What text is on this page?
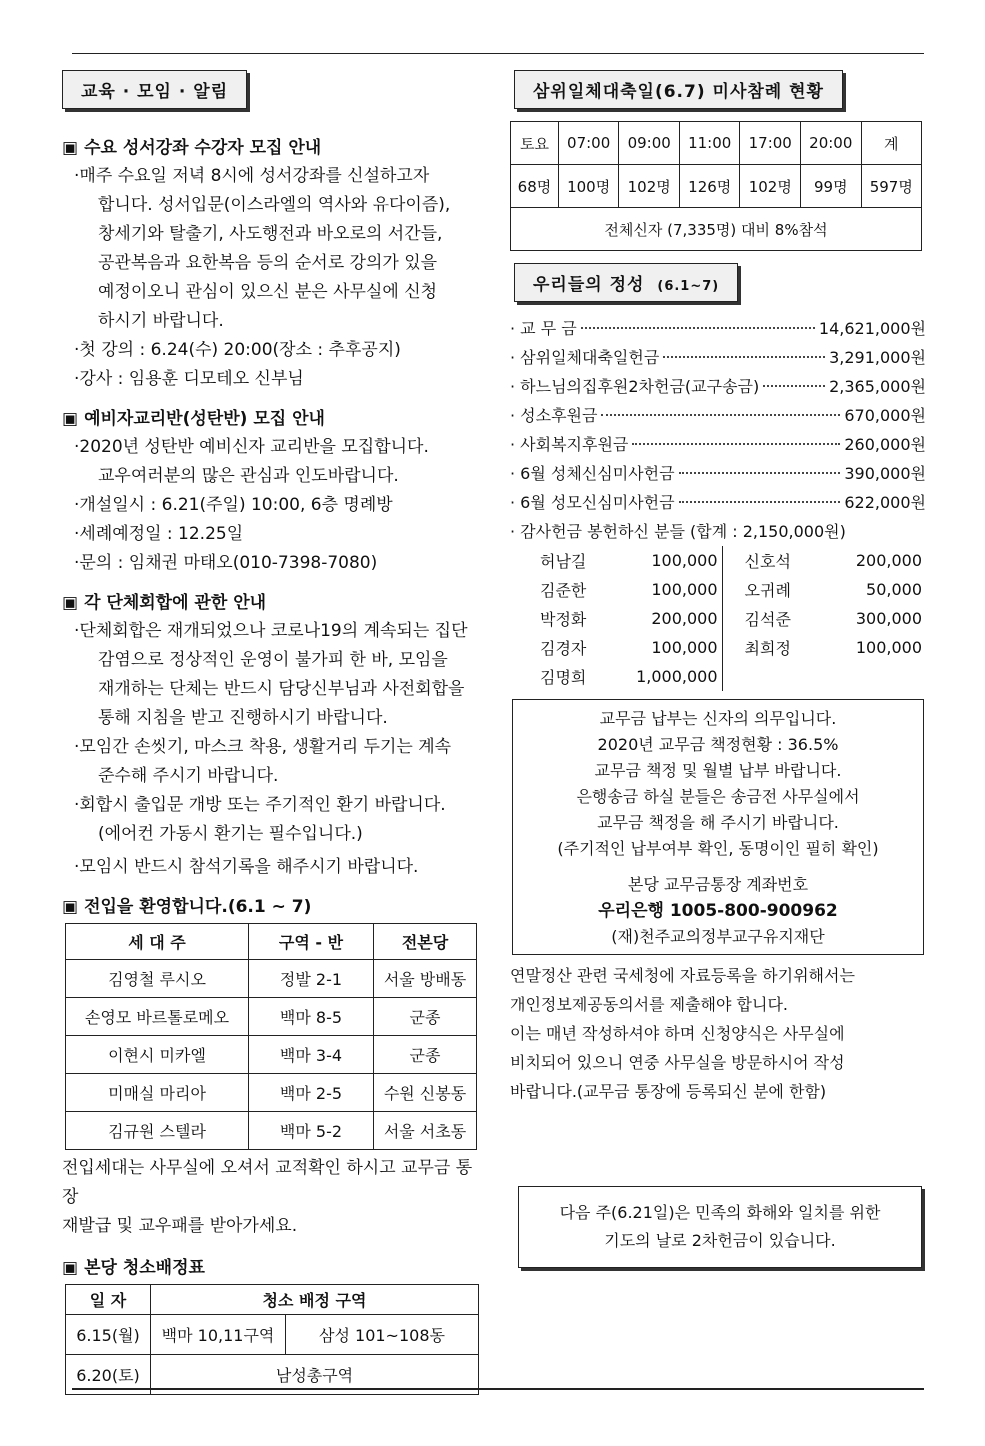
교육 · 모임 · 알림
▣ 수요 성서강좌 수강자 모집 안내
·매주 수요일 저녁 8시에 성서강좌를 신설하고자
합니다. 성서입문(이스라엘의 역사와 유다이즘),
창세기와 탈출기, 사도행전과 바오로의 서간들,
공관복음과 요한복음 등의 순서로 강의가 있을
예정이오니 관심이 있으신 분은 사무실에 신청
하시기 바랍니다.
·첫 강의 : 6.24(수) 20:00(장소 : 추후공지)
·강사 : 임용훈 디모테오 신부님
▣ 예비자교리반(성탄반) 모집 안내
·2020년 성탄반 예비신자 교리반을 모집합니다.
교우여러분의 많은 관심과 인도바랍니다.
·개설일시 : 6.21(주일) 10:00, 6층 명례방
·세례예정일 : 12.25일
·문의 : 임채권 마태오(010-7398-7080)
▣ 각 단체회합에 관한 안내
·단체회합은 재개되었으나 코로나19의 계속되는 집단
감염으로 정상적인 운영이 불가피 한 바, 모임을
재개하는 단체는 반드시 담당신부님과 사전회합을
통해 지침을 받고 진행하시기 바랍니다.
·모임간 손씻기, 마스크 착용, 생활거리 두기는 계속
준수해 주시기 바랍니다.
·회합시 출입문 개방 또는 주기적인 환기 바랍니다.
(에어컨 가동시 환기는 필수입니다.)
·모임시 반드시 참석기록을 해주시기 바랍니다.
▣ 전입을 환영합니다.(6.1 ~ 7)
세 대 주	구역 - 반	전본당
김영철 루시오	정발 2-1	서울 방배동
손영모 바르톨로메오	백마 8-5	군종
이현시 미카엘	백마 3-4	군종
미매실 마리아	백마 2-5	수원 신봉동
김규원 스텔라	백마 5-2	서울 서초동
전입세대는 사무실에 오셔서 교적확인 하시고 교무금 통장
재발급 및 교우패를 받아가세요.
▣ 본당 청소배정표
일 자	청소 배정 구역	
6.15(월)	백마 10,11구역	삼성 101~108동
6.20(토)	남성총구역	
삼위일체대축일(6.7) 미사참례 현황
토요	07:00	09:00	11:00	17:00	20:00	계
68명	100명	102명	126명	102명	99명	597명
전체신자 (7,335명) 대비 8%참석						
우리들의 정성 (6.1~7)
· 교 무 금	14,621,000원
· 삼위일체대축일헌금	3,291,000원
· 하느님의집후원2차헌금(교구송금)	2,365,000원
· 성소후원금	670,000원
· 사회복지후원금	260,000원
· 6월 성체신심미사헌금	390,000원
· 6월 성모신심미사헌금	622,000원
· 감사헌금 봉헌하신 분들 (합계 : 2,150,000원)
허남길	100,000	신호석	200,000
김준한	100,000	오귀례	50,000
박정화	200,000	김석준	300,000
김경자	100,000	최희정	100,000
김명희	1,000,000		
교무금 납부는 신자의 의무입니다.
2020년 교무금 책정현황 : 36.5%
교무금 책정 및 월별 납부 바랍니다.
은행송금 하실 분들은 송금전 사무실에서
교무금 책정을 해 주시기 바랍니다.
(주기적인 납부여부 확인, 동명이인 필히 확인)
본당 교무금통장 계좌번호
우리은행 1005-800-900962
(재)천주교의정부교구유지재단
연말정산 관련 국세청에 자료등록을 하기위해서는
개인정보제공동의서를 제출해야 합니다.
이는 매년 작성하셔야 하며 신청양식은 사무실에
비치되어 있으니 연중 사무실을 방문하시어 작성
바랍니다.(교무금 통장에 등록되신 분에 한함)
다음 주(6.21일)은 민족의 화해와 일치를 위한
기도의 날로 2차헌금이 있습니다.
